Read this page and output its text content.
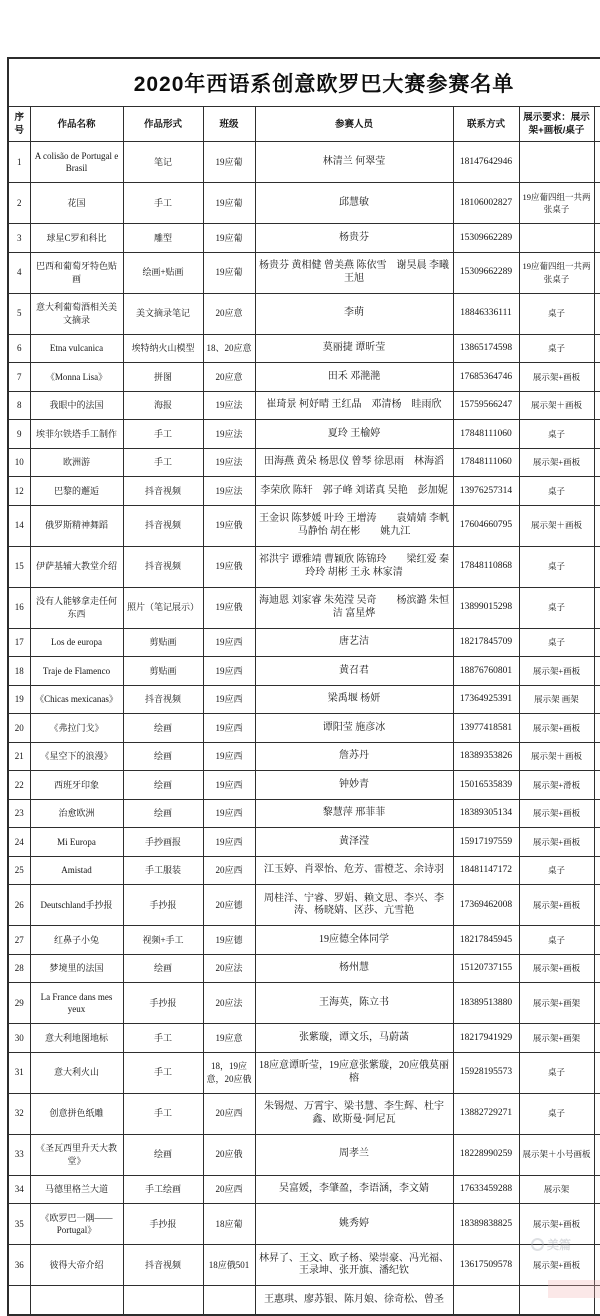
2020年西语系创意欧罗巴大赛参赛名单							
序号	作品名称	作品形式	班级	参赛人员	联系方式	展示要求：展示架+画板/桌子	
1	A colisão de Portugal e Brasil	笔记	19应葡	林清兰 何翠莹	18147642946		
2	花国	手工	19应葡	邱慧敏	18106002827	19应葡四组一共两张桌子	
3	球星C罗和科比	雕型	19应葡	杨贵芬	15309662289		
4	巴西和葡萄牙特色贴画	绘画+贴画	19应葡	杨贵芬 黄相健 曾美燕 陈依雪　谢昊晨 李曦 王旭	15309662289	19应葡四组一共两张桌子	
5	意大利葡萄酒相关美文摘录	美文摘录笔记	20应意	李萌	18846336111	桌子	
6	Etna vulcanica	埃特纳火山模型	18、20应意	莫丽捷 谭昕莹	13865174598	桌子	
7	《Monna Lisa》	拼图	20应意	田禾 邓滟滟	17685364746	展示架+画板	
8	我眼中的法国	海报	19应法	崔琦景 柯妤晴 王红晶　邓清杨　眭雨欣	15759566247	展示架＋画板	
9	埃菲尔铁塔手工制作	手工	19应法	夏玲 王榆婷	17848111060	桌子	
10	欧洲游	手工	19应法	田海燕 黄朵 杨思仪 曾琴 徐思雨　林海滔	17848111060	展示架+画板	
12	巴黎的邂逅	抖音视频	19应法	李荣欣 陈轩　郭子峰 刘诺真 吴艳　彭加妮	13976257314	桌子	
14	俄罗斯精神舞蹈	抖音视频	19应俄	王金识 陈梦媛 叶玲 王增涛　　袁婧婧 李帆 马静怡 胡在彬　　姚九江	17604660795	展示架＋画板	
15	伊萨基辅大教堂介绍	抖音视频	19应俄	祁洪宇 谭雅靖 曹颖欣 陈锦玲　　梁红爱 秦玲玲 胡彬 王永 林家清	17848110868	桌子	
16	没有人能够拿走任何东西	照片（笔记展示）	19应俄	海迪恩 刘家睿 朱苑滢 吴奇　　杨滨潞 朱恒洁 富星烨	13899015298	桌子	
17	Los de europa	剪贴画	19应西	唐艺洁	18217845709	桌子	
18	Traje de Flamenco	剪贴画	19应西	黄召君	18876760801	展示架+画板	
19	《Chicas mexicanas》	抖音视频	19应西	梁禹堰 杨妍	17364925391	展示架 画架	
20	《弗拉门戈》	绘画	19应西	谭阳莹 施彦冰	13977418581	展示架+画板	
21	《星空下的浪漫》	绘画	19应西	詹苏丹	18389353826	展示架＋画板	
22	西班牙印象	绘画	19应西	钟妙青	15016535839	展示架+滑板	
23	治愈欧洲	绘画	19应西	黎慧萍 邢菲菲	18389305134	展示架+画板	
24	Mi Europa	手抄画报	19应西	黄泽滢	15917197559	展示架+画板	
25	Amistad	手工服装	20应西	江玉婷、肖翠怡、危芳、雷橙芝、余诗羽	18481147172	桌子	
26	Deutschland手抄报	手抄报	20应德	周桂洋、宁睿、罗娟、赖文思、李兴、李涛、杨晓婧、区莎、亢雪艳	17369462008	展示架+画板	
27	红鼻子小兔	视频+手工	19应德	19应德全体同学	18217845945	桌子	
28	梦境里的法国	绘画	20应法	杨州慧	15120737155	展示架+画板	
29	La France dans mes yeux	手抄报	20应法	王海英，陈立书	18389513880	展示架+画架	
30	意大利地图地标	手工	19应意	张紫璇，谭文乐，马蔚菡	18217941929	展示架+画架	
31	意大利火山	手工	18，19应意，20应俄	18应意谭昕莹，19应意张紫璇，20应俄莫丽榕	15928195573	桌子	
32	创意拼色纸雕	手工	20应西	朱锡煜、万霄宇、梁书慧、李生辉、杜宇鑫、欧斯曼·阿尼瓦	13882729271	桌子	
33	《圣瓦西里升天大教堂》	绘画	20应俄	周孝兰	18228990259	展示架＋小号画板	
34	马德里格兰大道	手工绘画	20应西	吴富媛，李肇盈，李语涵，李文婧	17633459288	展示架	
35	《欧罗巴一隅——Portugal》	手抄报	18应葡	姚秀婷	18389838825	展示架+画板	
36	彼得大帝介绍	抖音视频	18应俄501	林昇了、王文、欧子杨、梁崇豪、冯光福、王录坤、张开旗、潘纪钦	13617509578	展示架+画板	
				王惠琪、廖苏银、陈月娘、徐奇松、曾圣			
美篇
